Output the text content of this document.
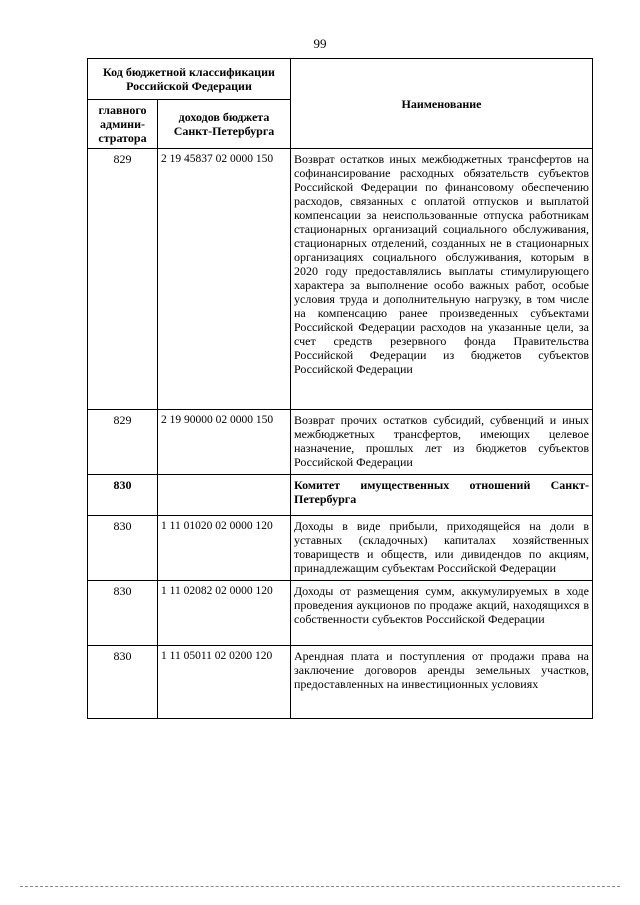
99
Код бюджетной классификации Российской Федерации		Наименование
главного админи-стратора	доходов бюджета Санкт-Петербурга	
829	2 19 45837 02 0000 150	Возврат остатков иных межбюджетных трансфертов на софинансирование расходных обязательств субъектов Российской Федерации по финансовому обеспечению расходов, связанных с оплатой отпусков и выплатой компенсации за неиспользованные отпуска работникам стационарных организаций социального обслуживания, стационарных отделений, созданных не в стационарных организациях социального обслуживания, которым в 2020 году предоставлялись выплаты стимулирующего характера за выполнение особо важных работ, особые условия труда и дополнительную нагрузку, в том числе на компенсацию ранее произведенных субъектами Российской Федерации расходов на указанные цели, за счет средств резервного фонда Правительства Российской Федерации из бюджетов субъектов Российской Федерации
829	2 19 90000 02 0000 150	Возврат прочих остатков субсидий, субвенций и иных межбюджетных трансфертов, имеющих целевое назначение, прошлых лет из бюджетов субъектов Российской Федерации
830		Комитет имущественных отношений Санкт-Петербурга
830	1 11 01020 02 0000 120	Доходы в виде прибыли, приходящейся на доли в уставных (складочных) капиталах хозяйственных товариществ и обществ, или дивидендов по акциям, принадлежащим субъектам Российской Федерации
830	1 11 02082 02 0000 120	Доходы от размещения сумм, аккумулируемых в ходе проведения аукционов по продаже акций, находящихся в собственности субъектов Российской Федерации
830	1 11 05011 02 0200 120	Арендная плата и поступления от продажи права на заключение договоров аренды земельных участков, предоставленных на инвестиционных условиях
